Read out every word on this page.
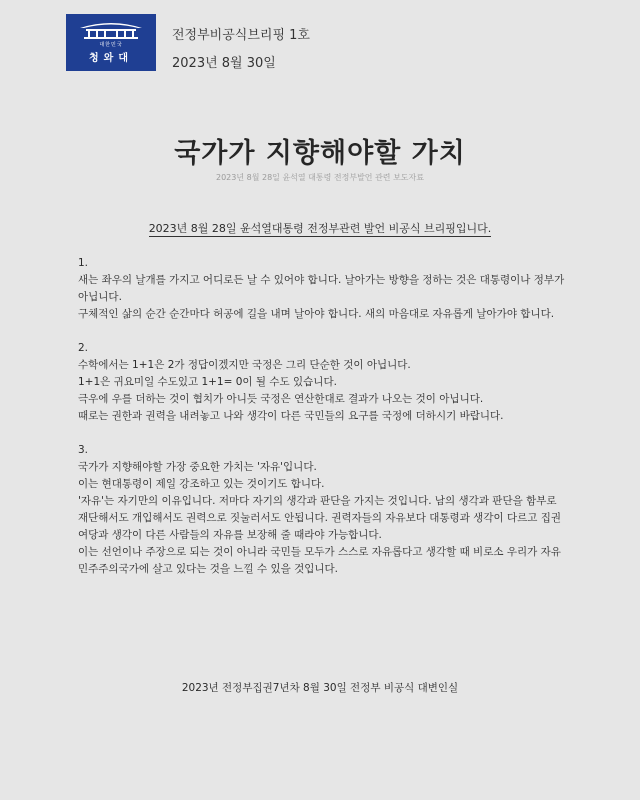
대한민국
청와대
전정부비공식브리핑 1호
2023년 8월 30일
국가가 지향해야할 가치
2023년 8월 28일 윤석열 대통령 전정부발언 관련 보도자료
2023년 8월 28일 윤석열대통령 전정부관련 발언 비공식 브리핑입니다.

1.

새는 좌우의 날개를 가지고 어디로든 날 수 있어야 합니다. 날아가는 방향을 정하는 것은 대통령이나 정부가

아닙니다.

구체적인 삶의 순간 순간마다 허공에 길을 내며 날아야 합니다. 새의 마음대로 자유롭게 날아가야 합니다.

2.

수학에서는 1+1은 2가 정답이겠지만 국정은 그리 단순한 것이 아닙니다.

1+1은 귀요미일 수도있고 1+1= 0이 될 수도 있습니다.

극우에 우를 더하는 것이 협치가 아니듯 국정은 연산한대로 결과가 나오는 것이 아닙니다.

때로는 권한과 권력을 내려놓고 나와 생각이 다른 국민들의 요구를 국정에 더하시기 바랍니다.

3.

국가가 지향해야할 가장 중요한 가치는 '자유'입니다.

이는 현대통령이 제일 강조하고 있는 것이기도 합니다.

'자유'는 자기만의 이유입니다. 저마다 자기의 생각과 판단을 가지는 것입니다. 남의 생각과 판단을 함부로

재단해서도 개입해서도 권력으로 짓눌러서도 안됩니다. 권력자들의 자유보다 대통령과 생각이 다르고 집권

여당과 생각이 다른 사람들의 자유를 보장해 줄 때라야 가능합니다.

이는 선언이나 주장으로 되는 것이 아니라 국민들 모두가 스스로 자유롭다고 생각할 때 비로소 우리가 자유

민주주의국가에 살고 있다는 것을 느낄 수 있을 것입니다.

2023년 전정부집권7년차 8월 30일 전정부 비공식 대변인실
